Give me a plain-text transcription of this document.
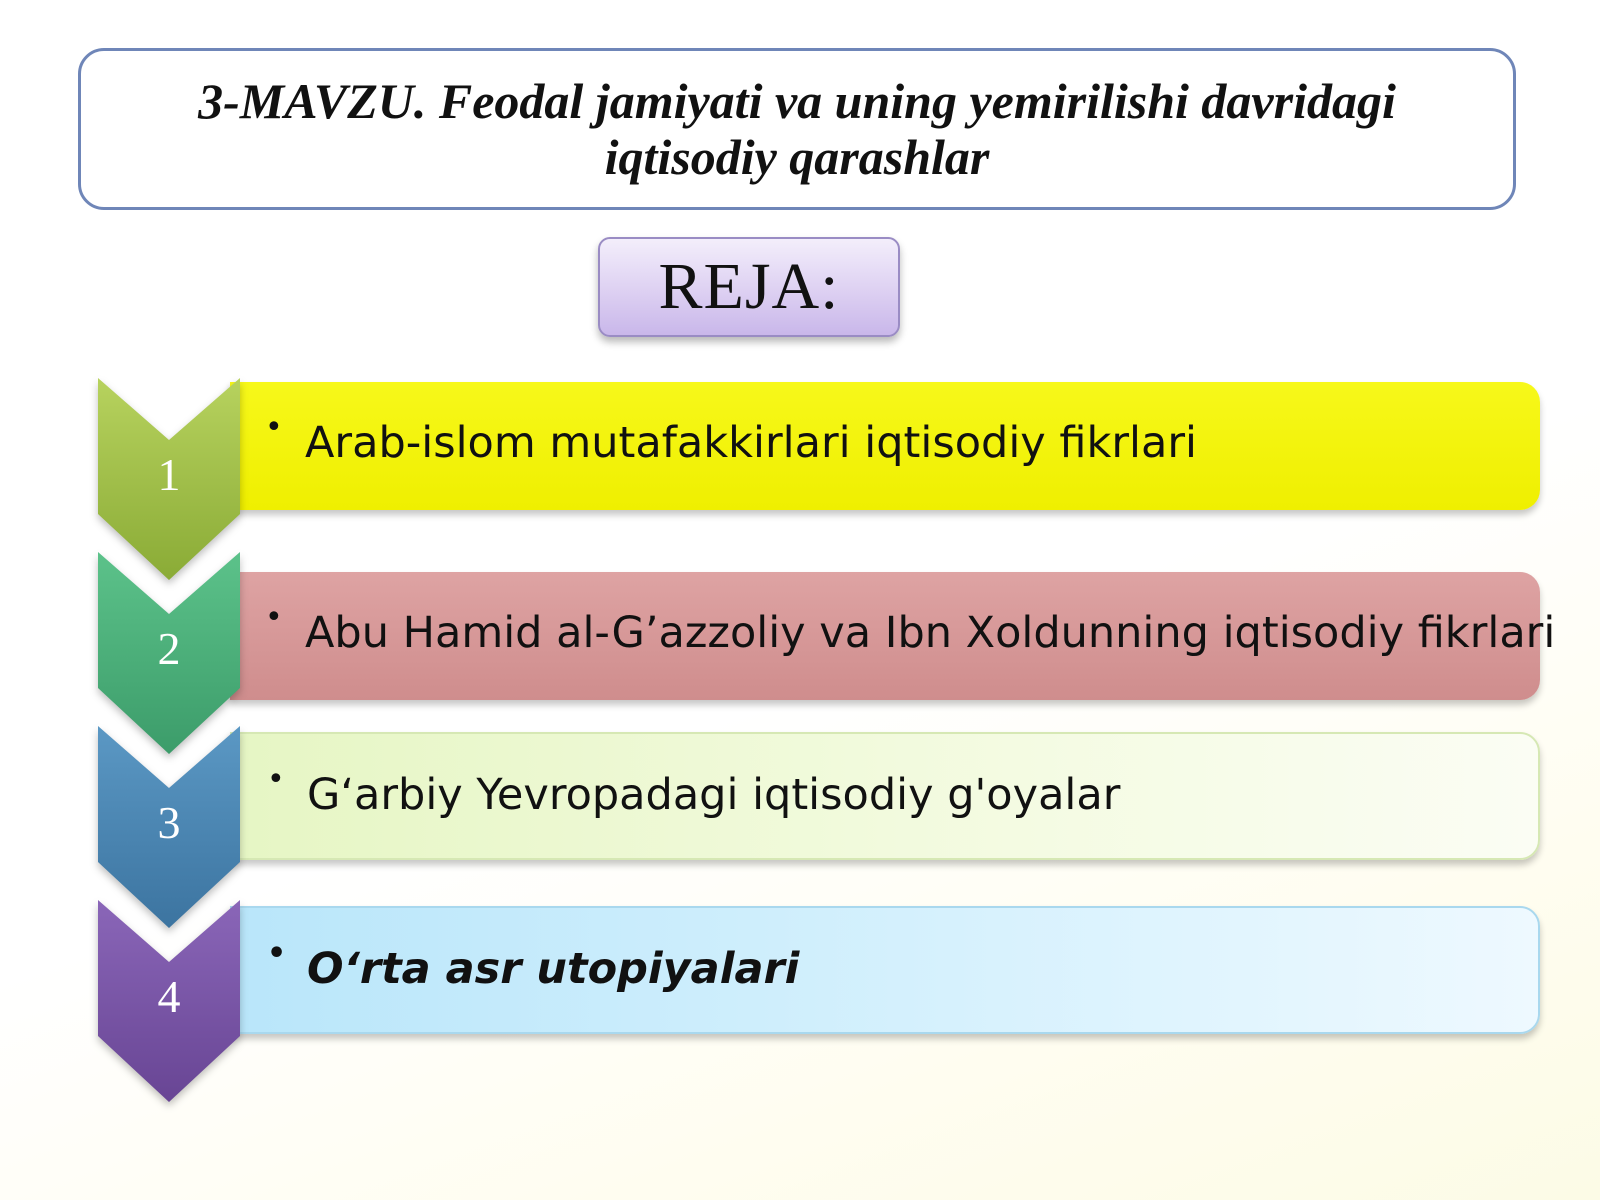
3-MAVZU. Feodal jamiyati va uning yemirilishi davridagi iqtisodiy qarashlar
REJA:
• Arab-islom mutafakkirlari iqtisodiy fikrlari
1
• Abu Hamid al-G’azzoliy va Ibn Xoldunning iqtisodiy fikrlari
2
• G‘arbiy Yevropadagi iqtisodiy g'oyalar
3
• O‘rta asr utopiyalari
4
